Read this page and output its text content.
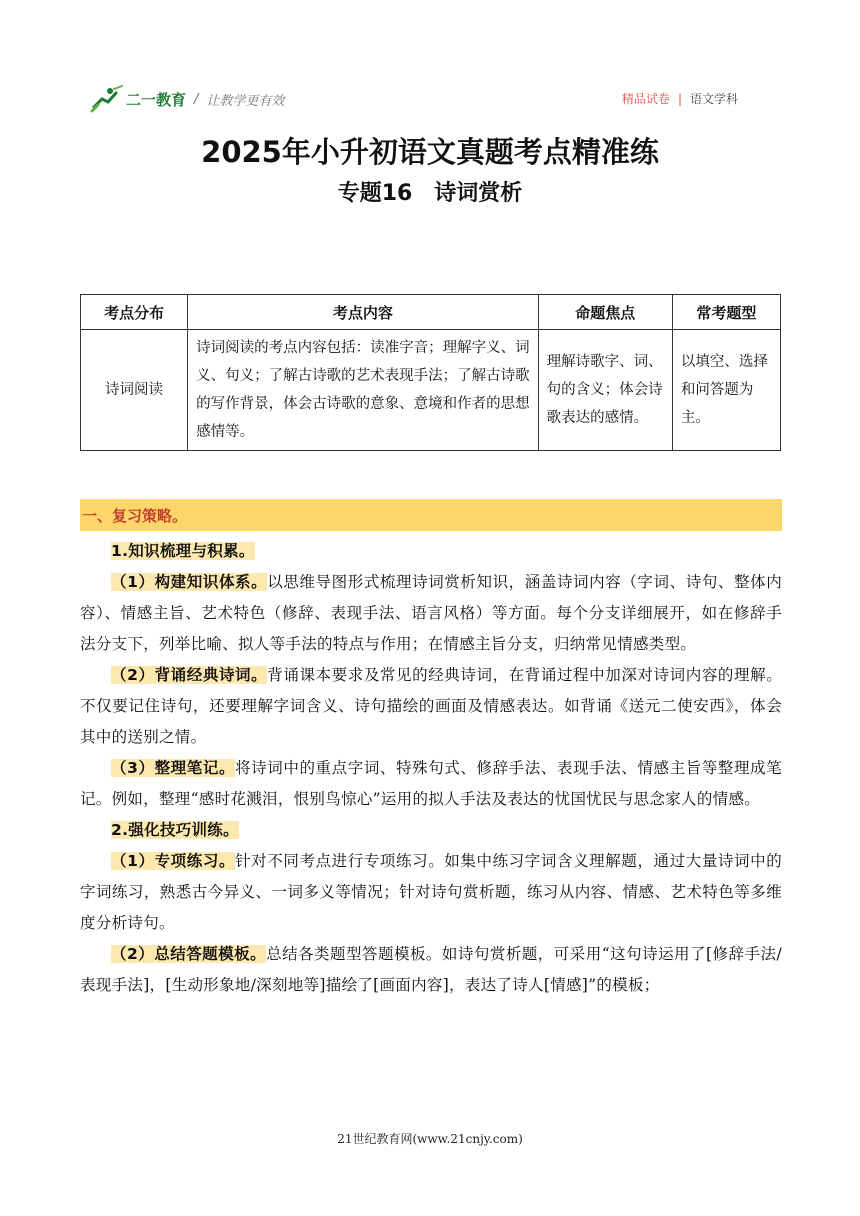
二一教育 / 让教学更有效	精品试卷 | 语文学科
2025年小升初语文真题考点精准练
专题16　诗词赏析
考点分布	考点内容	命题焦点	常考题型
诗词阅读	诗词阅读的考点内容包括：读准字音；理解字义、词义、句义；了解古诗歌的艺术表现手法；了解古诗歌的写作背景，体会古诗歌的意象、意境和作者的思想感情等。	理解诗歌字、词、句的含义；体会诗歌表达的感情。	以填空、选择和问答题为主。
一、复习策略。

1.知识梳理与积累。

（1）构建知识体系。以思维导图形式梳理诗词赏析知识，涵盖诗词内容（字词、诗句、整体内容）、情感主旨、艺术特色（修辞、表现手法、语言风格）等方面。每个分支详细展开，如在修辞手法分支下，列举比喻、拟人等手法的特点与作用；在情感主旨分支，归纳常见情感类型。

（2）背诵经典诗词。背诵课本要求及常见的经典诗词，在背诵过程中加深对诗词内容的理解。不仅要记住诗句，还要理解字词含义、诗句描绘的画面及情感表达。如背诵《送元二使安西》，体会其中的送别之情。

（3）整理笔记。将诗词中的重点字词、特殊句式、修辞手法、表现手法、情感主旨等整理成笔记。例如，整理“感时花溅泪，恨别鸟惊心”运用的拟人手法及表达的忧国忧民与思念家人的情感。

2.强化技巧训练。

（1）专项练习。针对不同考点进行专项练习。如集中练习字词含义理解题，通过大量诗词中的字词练习，熟悉古今异义、一词多义等情况；针对诗句赏析题，练习从内容、情感、艺术特色等多维度分析诗句。

（2）总结答题模板。总结各类题型答题模板。如诗句赏析题，可采用“这句诗运用了[修辞手法/表现手法]，[生动形象地/深刻地等]描绘了[画面内容]，表达了诗人[情感]”的模板；

21世纪教育网(www.21cnjy.com)
